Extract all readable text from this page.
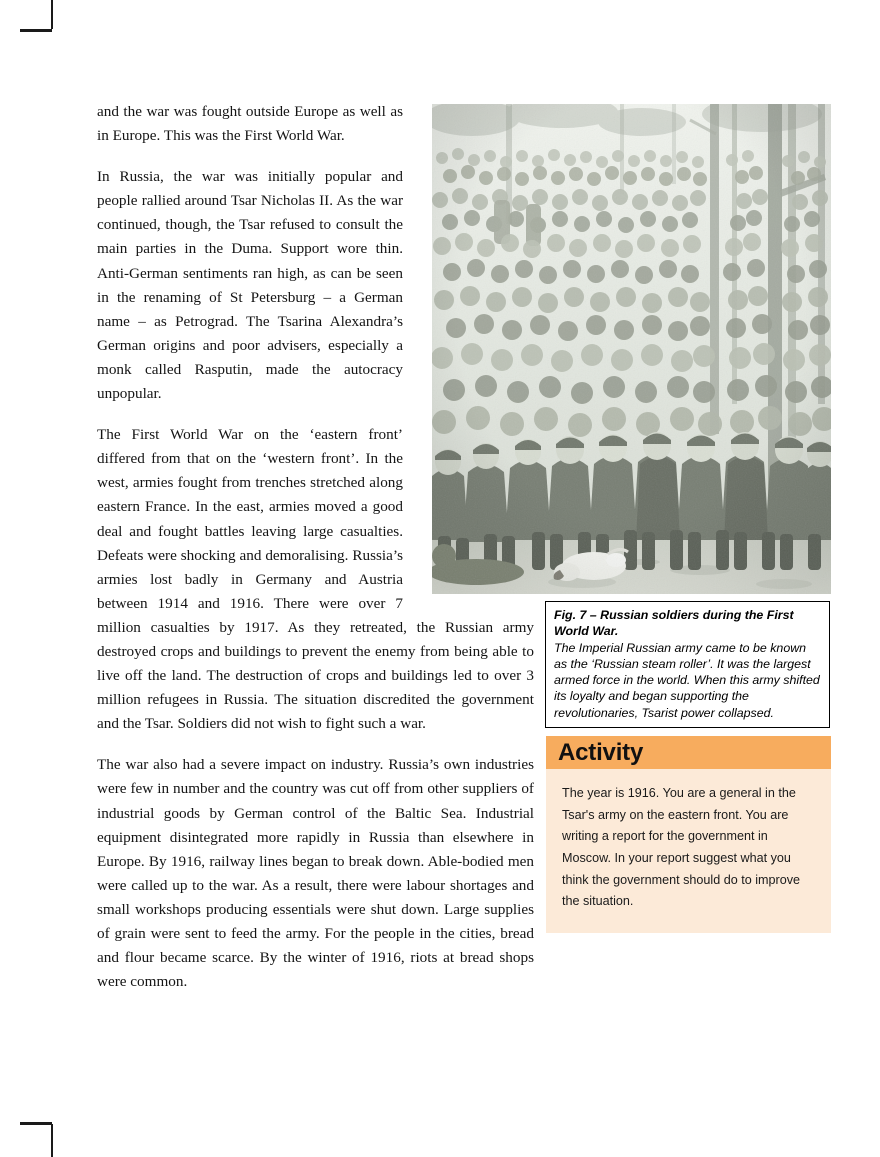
and the war was fought outside Europe as well as in Europe. This was the First World War.

In Russia, the war was initially popular and people rallied around Tsar Nicholas II. As the war continued, though, the Tsar refused to consult the main parties in the Duma. Support wore thin. Anti-German sentiments ran high, as can be seen in the renaming of St Petersburg – a German name – as Petrograd. The Tsarina Alexandra’s German origins and poor advisers, especially a monk called Rasputin, made the autocracy unpopular.

The First World War on the ‘eastern front’ differed from that on the ‘western front’. In the west, armies fought from trenches stretched along eastern France. In the east, armies moved a good deal and fought battles leaving large casualties. Defeats were shocking and demoralising. Russia’s armies lost badly in Germany and Austria between 1914 and 1916. There were over 7 million casualties by 1917. As they retreated, the Russian army destroyed crops and buildings to prevent the enemy from being able to live off the land. The destruction of crops and buildings led to over 3 million refugees in Russia. The situation discredited the government and the Tsar. Soldiers did not wish to fight such a war.

The war also had a severe impact on industry. Russia’s own industries were few in number and the country was cut off from other suppliers of industrial goods by German control of the Baltic Sea. Industrial equipment disintegrated more rapidly in Russia than elsewhere in Europe. By 1916, railway lines began to break down. Able-bodied men were called up to the war. As a result, there were labour shortages and small workshops producing essentials were shut down. Large supplies of grain were sent to feed the army. For the people in the cities, bread and flour became scarce. By the winter of 1916, riots at bread shops were common.

Fig. 7 – Russian soldiers during the First World War.

The Imperial Russian army came to be known as the ‘Russian steam roller’. It was the largest armed force in the world. When this army shifted its loyalty and began supporting the revolutionaries, Tsarist power collapsed.

Activity

The year is 1916. You are a general in the Tsar's army on the eastern front. You are writing a report for the government in Moscow. In your report suggest what you think the government should do to improve the situation.
